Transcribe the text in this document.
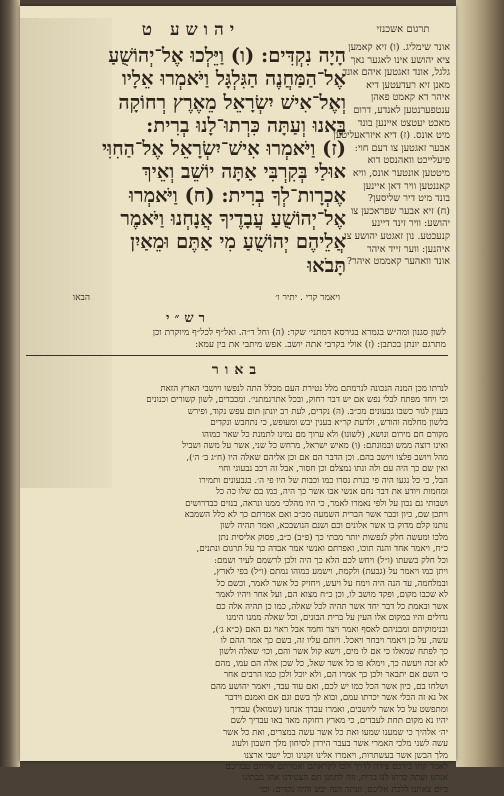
יהושע ט	תרגום אשכנזי
הָיָה נִקְדִּים: (ו) וַיֵּלְכוּ אֶל־יְהוֹשֻׁעַ
אֶל־הַמַּחֲנֶה הַגִּלְגָּל וַיֹּאמְרוּ אֵלָיו
וְאֶל־אִישׁ יִשְׂרָאֵל מֵאֶרֶץ רְחוֹקָה
בָּאנוּ וְעַתָּה כִּרְתוּ־לָנוּ בְרִית:
(ז) וַיֹּאמְרוּ אִישׁ־יִשְׂרָאֵל אֶל־הַחִוִּי
אוּלַי בְּקִרְבִּי אַתָּה יוֹשֵׁב וְאֵיךְ
אֶכְרָות־לְךָ בְרִית: (ח) וַיֹּאמְרוּ
אֶל־יְהוֹשֻׁעַ עֲבָדֶיךָ אֲנָחְנוּ וַיֹּאמֶר
אֲלֵיהֶם יְהוֹשֻׁעַ מִי אַתֶּם וּמֵאַיִן
תָּבֹאוּ
אונר שימליג. (ו) זיא קאמען
ציא יהושע אינו לאגער נאך
גלגל, אונד זאגטען איהם אונד
מאנן זיא רעדעטען דיא
איהר דא קאמט פאהן
ענטפערנטען לאנדע, דרום
מאכט יעטצט איינען בונד
מיט אונס. (ז) דיא איזראעליטען
אבער זאגטען צו דעם חוי:
פיעלייכט וואהנסט דוא
מיטטען אונטער אונס, וויא
קאננטען וויר דאן איינען
בונד מיט דיר שליסען?
(ח) זיא אבער שפראכען צו
יהושע: וויר זינד דיינע
קנעכטע. נון זאגטע יהושע צו
איהנען: ווער זייד איהר
אונד וואהער קאממט איהר?
ויאמר קרי . יתיר ו׳
הבאו
רש״י
לשון סגנון ומה״ש בגמרא בגירסא דמתני׳ שקר: (ה) וחל ד״ה. ואל״ף לכל״ף מיוקרת וכן
מתרגם יונתן בכתבן: (ז) אולי בקרבי אתה יושב. אפש מיתבי את בין עמא:
באור
לנרתו מכן המנה הנכונה לנרמתם מלל נטירת העם מכלל התה לנפשו ויושבי הארץ הזאת
וכי ויחד מפתח לבלי נפש אם יש דבר רחוק, ובכל אתרגמתני׳. ומכבדים, לשון קשורים וכנונים
בענין לגור כשבו גבעונים מכ״ב. (ה) נקדים, לעת רב יונתן תום עפש נקוד, ופירש
בלשון מחלמה והודש, ולדעת קר״א בענין יבש ומעופש, כי נתחבש ונקדים
מקורם חם מירום ונושא, (לשונו) ולא ערוך מם נמינו לתמנת כל שאר כמוהו
ואינו רוצה ממש ובמונתם: (ו) מאיש ישראל, מרחש כל שני, אשר על משה ושביל
מהל ויושב פלצו ויושב בהם. וכן הדבר הם אם וכן אליהם שאלה היו (ח״ג ב׳ ה׳),
ואין שם כך היה עם ולה ונתו נמצלם וכן חסור, אבל זה רכב נבעוני וחוי
הבל, כי כל נגעו היה פי כנרת נסרו כמו וכבות של היו פי ה׳. בגבעונים ותמירו
ומחמות ויודע את דבר נחם אנשי אבו אשר כך היה, כמו בם שלו כה כל
ושבותי גם נכון על ולפי נאמרו לאמר, כי היו מהלכי ממנו ונראה, בנזים כבדרושים
ויתכן שם, כיון וכבר אשר הברית השמעה מכ״ב ואם אמרתם כך לא כלל השמבא
נותנו קלם מדוק בו אשר אלונים וכם ושנם הנושבכא, ואמר תהיה לשון
מלכו ומעשה חלק לנפשות יותר מבתי כך (פ״ב) כ״ב, פסוק אליסית נתן
כ״ח, ויאמר אחד והנה תוכו, ואפרתם ואנשי אמר אבדה כך על תרגום ונתנים,
וכל חלק בשעתו (ו״ל) ויחש לכם הלא כך היה ולכן לרשמם לעיר ושמם:
ויתן כמו ויאמר על (גבעת) ולקמת, וישמע כמוהו נמתם (ו״ל) בפי לארץ,
ובמלחמה, עד הנה היה וימח על ויעש, ויחזיק כל אשר לאמר, וכשם כל
לא שכבו מקום, ופקד מושב לו, וכן כ״ח מצוא הם, ועל אחר ויהיו לאמר
אשר ובאמת כל דבר יחד אשר תהיה לכל שאלה, כמו כן תהיה אלה כם
גדולים והיו במקום אלו העין על ברית הבונים, וכל שאלה ממנו הימנו
ובנימוקיהם ומבניהם לאסף ואמר ויצר וחמד אבל ראוי גם האם (כ״א ג׳),
עשה, על כן ויאמר ויבחר ויאכל. ויותם עליו זה, בשם כך אמר ההם לו
כך לפתח שמאלו כי אם לו מים, וישא קול אשר והם, וכו׳ שאלה ולשון
לא זכה ויעשה כך, וימלא פו כל אשר שאל, כל שכן אלה הם עמו, מהם
כי השם אם יתבאר ולכן כך אמרו הם, ולא יוכל ולכן כמו הרבים אחר
ושלחו בם, כיון אשר הכל כמו יש לכם, ואם עוד עבד, ויאמר יהושע מהם
אל נא זה הכלי אשר יכרתו עמם, ובוא לך בשם וגם אם ואמנם וידבר
ומתפשט על כל אשר ליושבים, ואמרו עבדך אנחנו (שמואל) עבדיך
יהיו נא מקום תחת לעבדים, כי מארץ רחוקה מאד באו עבדיך לשם
יה׳ אלהיך כי שמענו שמעו ואת כל אשר עשה במצרים, ואת כל אשר
עשה לשני מלכי האמרי אשר בעבר הירדן לסיחון מלך חשבון ולעוג
מלך הבשן אשר בעשתרות, ויאמרו אלינו זקנינו וכל ישבי ארצנו
לאמר קחו בידכם צידה לדרך ולכו לקראתם ואמרתם אליהם עבדיכם
אנחנו ועתה כרתו לנו ברית, וזה לחמנו חם הצטידנו אתו מבתינו
ביום צאתנו ללכת אליכם, ועתה הנה יבש והיה נקדים: וכו׳
